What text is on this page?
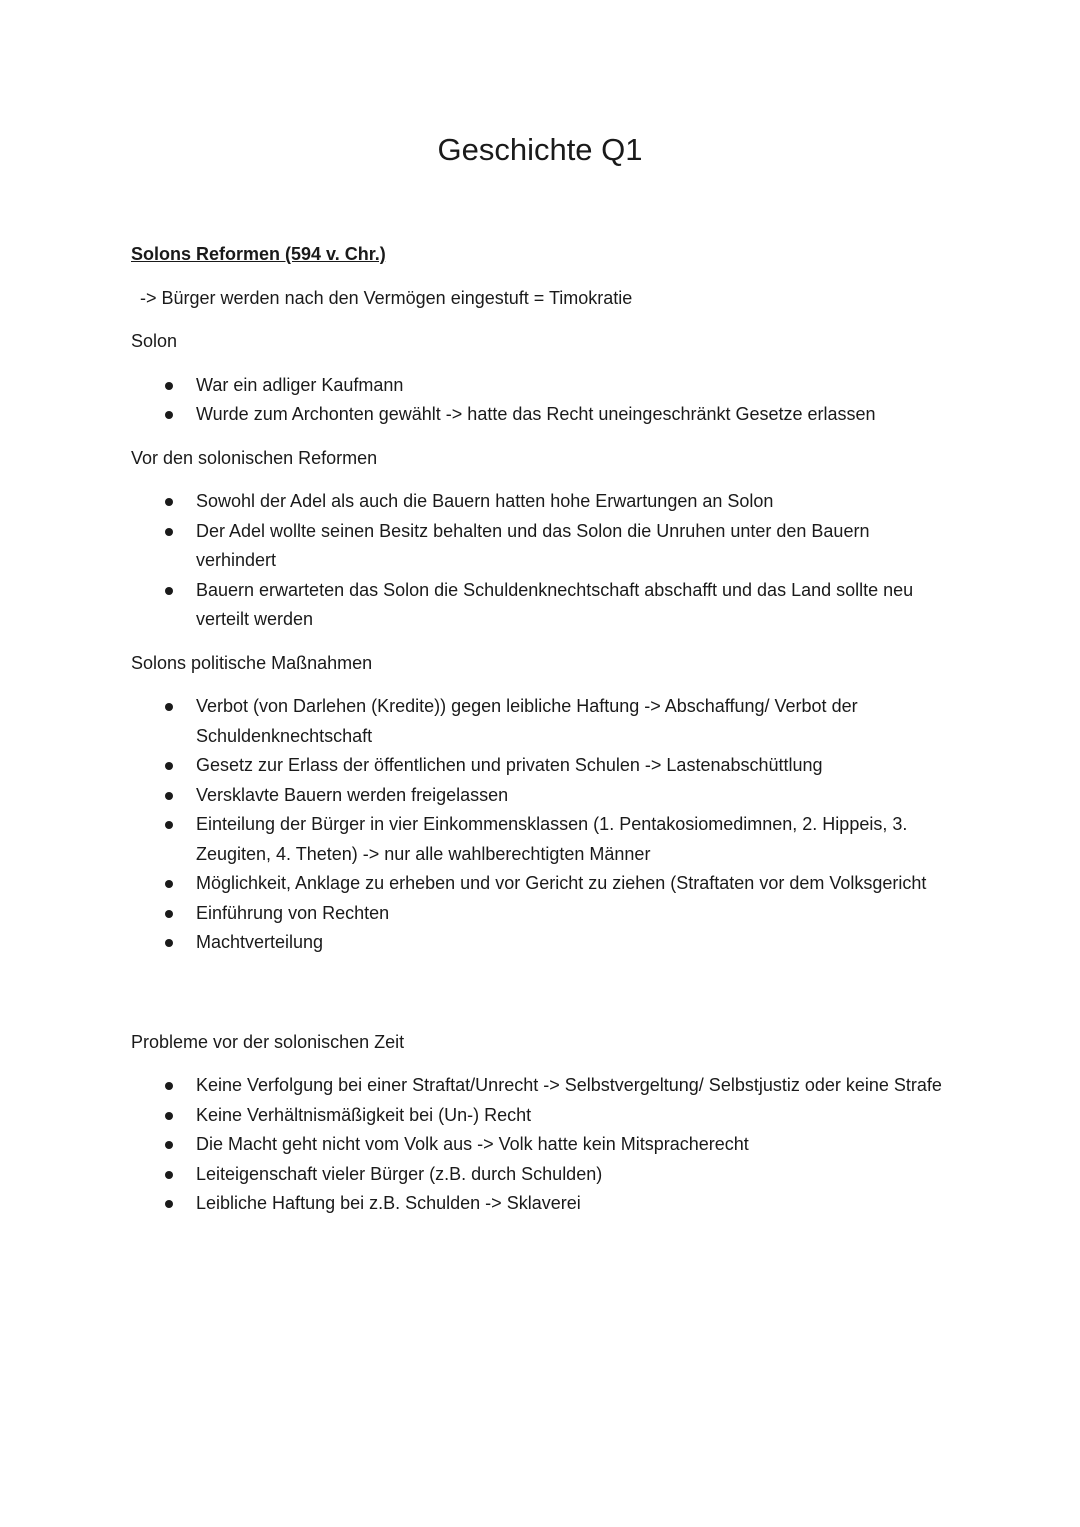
Geschichte Q1

Solons Reformen (594 v. Chr.)

-> Bürger werden nach den Vermögen eingestuft = Timokratie

Solon

War ein adliger Kaufmann
Wurde zum Archonten gewählt -> hatte das Recht uneingeschränkt Gesetze erlassen

Vor den solonischen Reformen

Sowohl der Adel als auch die Bauern hatten hohe Erwartungen an Solon
Der Adel wollte seinen Besitz behalten und das Solon die Unruhen unter den Bauern verhindert
Bauern erwarteten das Solon die Schuldenknechtschaft abschafft und das Land sollte neu verteilt werden

Solons politische Maßnahmen

Verbot (von Darlehen (Kredite)) gegen leibliche Haftung -> Abschaffung/ Verbot der Schuldenknechtschaft
Gesetz zur Erlass der öffentlichen und privaten Schulen -> Lastenabschüttlung
Versklavte Bauern werden freigelassen
Einteilung der Bürger in vier Einkommensklassen (1. Pentakosiomedimnen, 2. Hippeis, 3. Zeugiten, 4. Theten) -> nur alle wahlberechtigten Männer
Möglichkeit, Anklage zu erheben und vor Gericht zu ziehen (Straftaten vor dem Volksgericht
Einführung von Rechten
Machtverteilung

Probleme vor der solonischen Zeit

Keine Verfolgung bei einer Straftat/Unrecht -> Selbstvergeltung/ Selbstjustiz oder keine Strafe
Keine Verhältnismäßigkeit bei (Un-) Recht
Die Macht geht nicht vom Volk aus -> Volk hatte kein Mitspracherecht
Leiteigenschaft vieler Bürger (z.B. durch Schulden)
Leibliche Haftung bei z.B. Schulden -> Sklaverei
